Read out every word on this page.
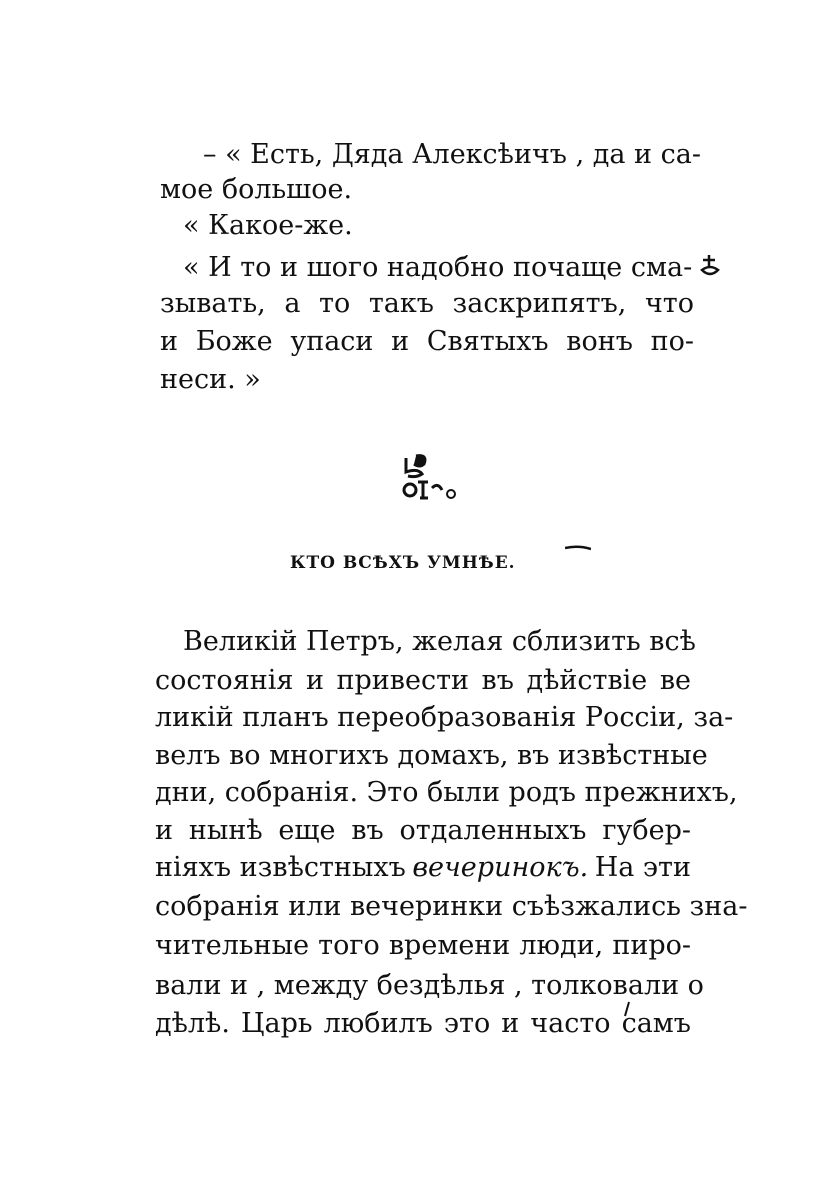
– « Есть, Дяда Алексѣичъ , да и са-
мое большое.
« Какое-же.
« И то и шого надобно почаще сма-
зывать, а то такъ заскрипятъ, что
и Боже упаси и Святыхъ вонъ по-
неси. »
КТО ВСѢХЪ УМНѢЕ.
Великій Петръ, желая сблизить всѣ
состоянія и привести въ дѣйствіе ве
ликій планъ переобразованія Россіи, за-
велъ во многихъ домахъ, въ извѣстные
дни, собранія. Это были родъ прежнихъ,
и нынѣ еще въ отдаленныхъ губер-
ніяхъ извѣстныхъ вечеринокъ. На эти
собранія или вечеринки съѣзжались зна-
чительные того времени люди, пиро-
вали и , между бездѣлья , толковали о
дѣлѣ. Царь любилъ это и часто самъ
